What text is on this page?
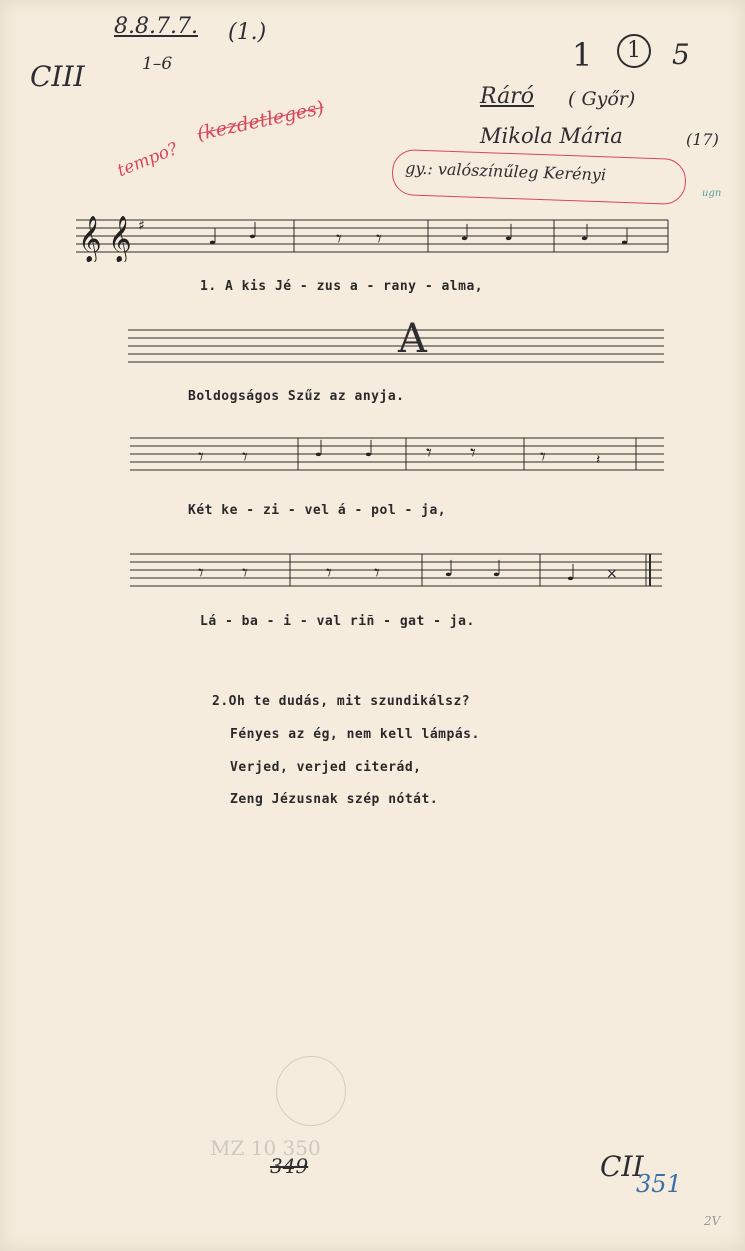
8.8.7.7. (1.)
1–6
CIII
1	1	5
Ráró ( Győr)
Mikola Mária	(17)
tempo?
(kezdetleges)
gy.: valószínűleg Kerényi
ugn
𝄞 𝄞 ♯	♩ ♩	𝄾 𝄾	♩ ♩	♩ ♩
1. A kis Jé - zus a - rany - alma,
A
Boldogságos Szűz az anyja.
𝄾 𝄾	♩ ♩ 𝄾 𝄾	𝄾	𝄽
Két ke - zi - vel á - pol - ja,
𝄾 𝄾	𝄾 𝄾	♩ ♩	♩ ×
Lá - ba - i - val riñ - gat - ja.
2.Oh te dudás, mit szundikálsz?
Fényes az ég, nem kell lámpás.
Verjed, verjed citerád,
Zeng Jézusnak szép nótát.
MZ 10 350
349	CII
351
2V
